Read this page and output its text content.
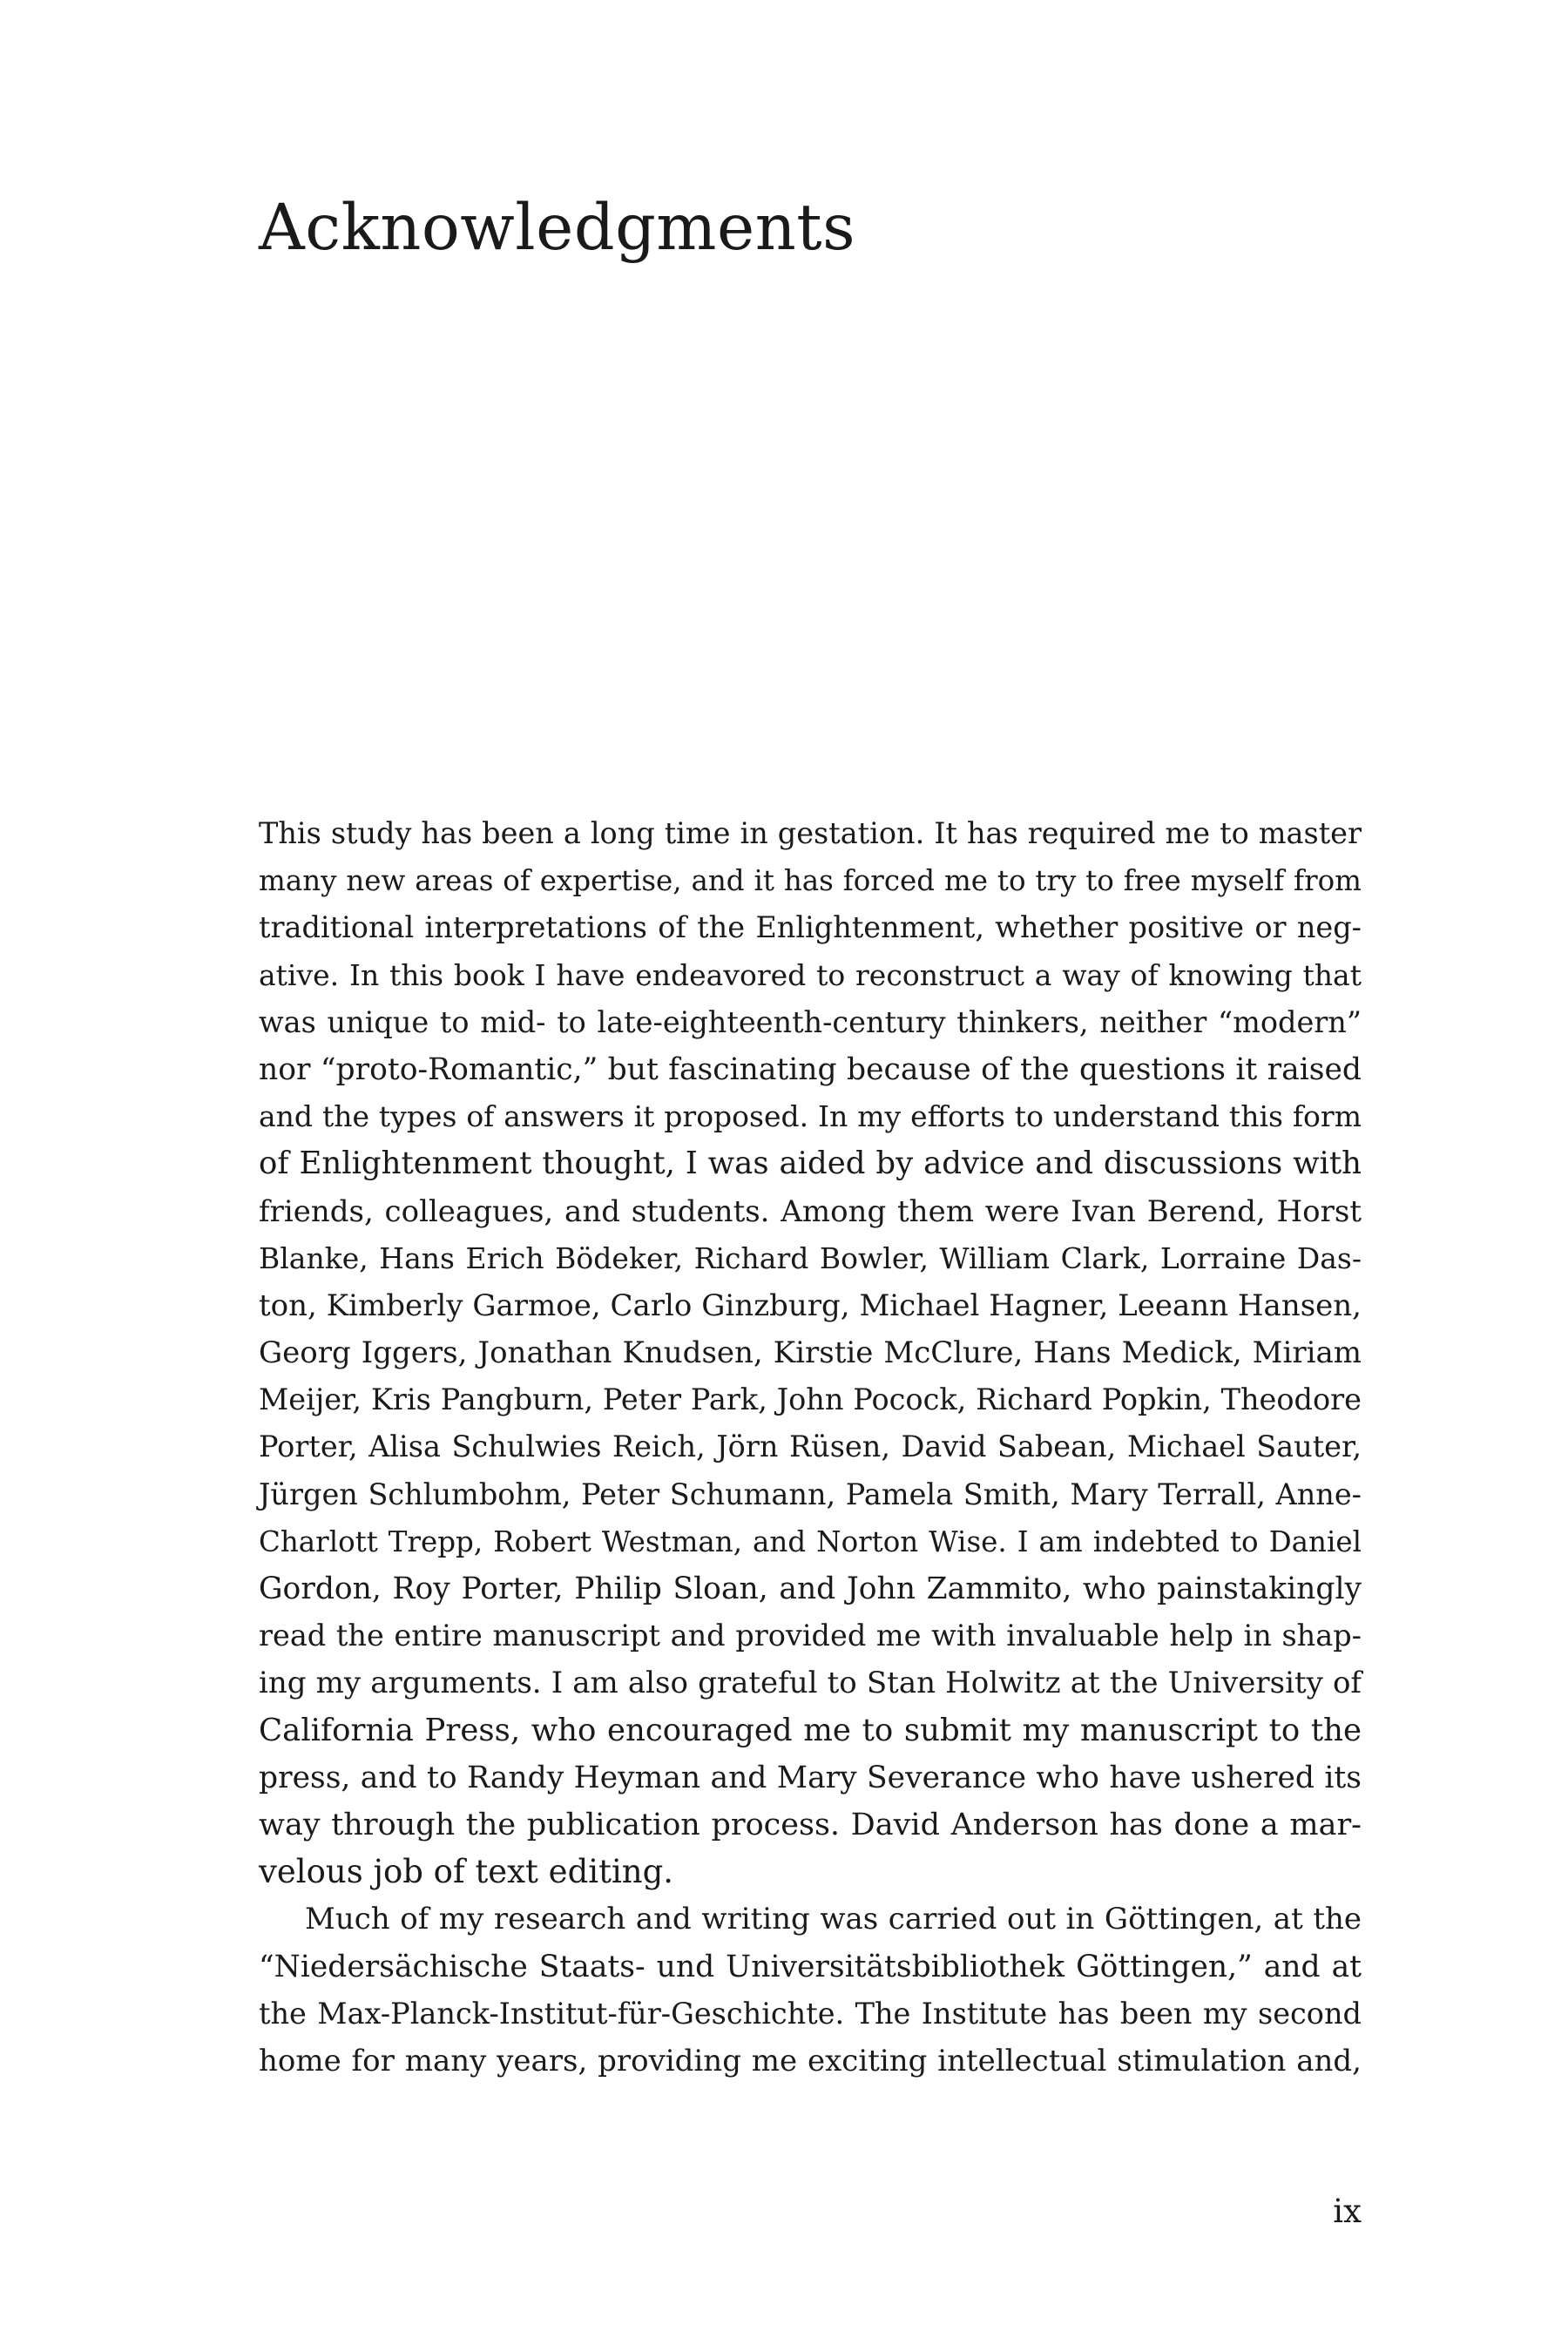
Acknowledgments
This study has been a long time in gestation. It has required me to master
many new areas of expertise, and it has forced me to try to free myself from
traditional interpretations of the Enlightenment, whether positive or neg-
ative. In this book I have endeavored to reconstruct a way of knowing that
was unique to mid- to late-eighteenth-century thinkers, neither “modern”
nor “proto-Romantic,” but fascinating because of the questions it raised
and the types of answers it proposed. In my efforts to understand this form
of Enlightenment thought, I was aided by advice and discussions with
friends, colleagues, and students. Among them were Ivan Berend, Horst
Blanke, Hans Erich Bödeker, Richard Bowler, William Clark, Lorraine Das-
ton, Kimberly Garmoe, Carlo Ginzburg, Michael Hagner, Leeann Hansen,
Georg Iggers, Jonathan Knudsen, Kirstie McClure, Hans Medick, Miriam
Meijer, Kris Pangburn, Peter Park, John Pocock, Richard Popkin, Theodore
Porter, Alisa Schulwies Reich, Jörn Rüsen, David Sabean, Michael Sauter,
Jürgen Schlumbohm, Peter Schumann, Pamela Smith, Mary Terrall, Anne-
Charlott Trepp, Robert Westman, and Norton Wise. I am indebted to Daniel
Gordon, Roy Porter, Philip Sloan, and John Zammito, who painstakingly
read the entire manuscript and provided me with invaluable help in shap-
ing my arguments. I am also grateful to Stan Holwitz at the University of
California Press, who encouraged me to submit my manuscript to the
press, and to Randy Heyman and Mary Severance who have ushered its
way through the publication process. David Anderson has done a mar-
velous job of text editing.
Much of my research and writing was carried out in Göttingen, at the
“Niedersächische Staats- und Universitätsbibliothek Göttingen,” and at
the Max-Planck-Institut-für-Geschichte. The Institute has been my second
home for many years, providing me exciting intellectual stimulation and,
ix
